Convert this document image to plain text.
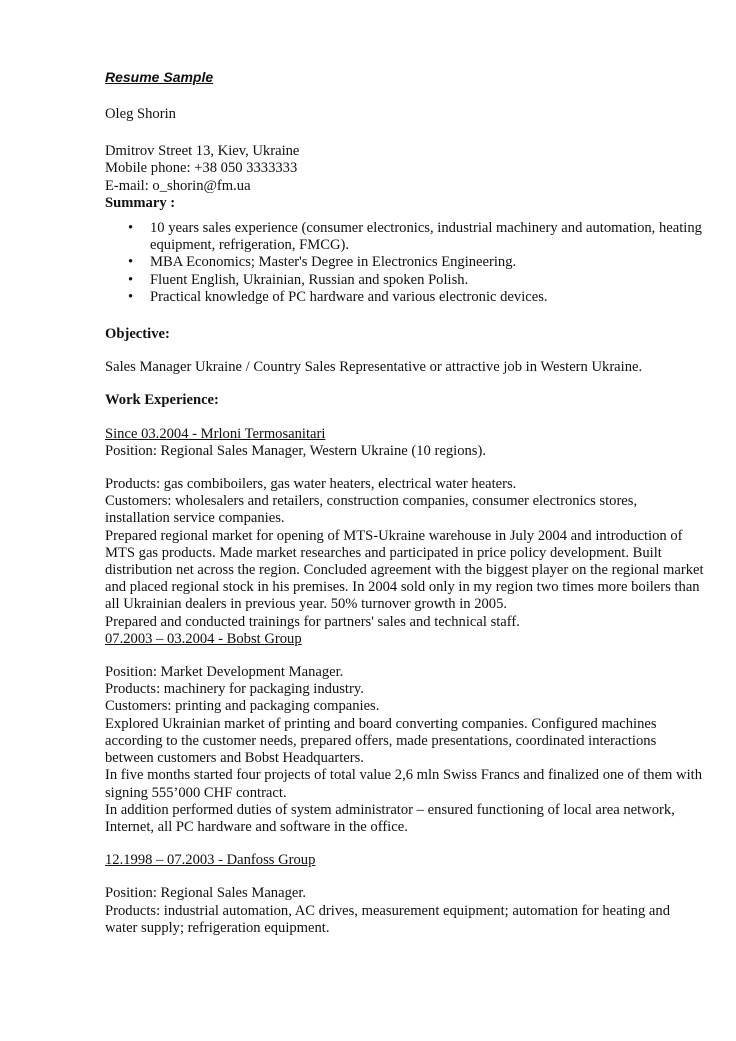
Resume Sample

Oleg Shorin
Dmitrov Street 13, Kiev, Ukraine
Mobile phone: +38 050 3333333
E-mail: o_shorin@fm.ua
Summary :
• 10 years sales experience (consumer electronics, industrial machinery and automation, heating equipment, refrigeration, FMCG).
• MBA Economics; Master's Degree in Electronics Engineering.
• Fluent English, Ukrainian, Russian and spoken Polish.
• Practical knowledge of PC hardware and various electronic devices.
Objective:
Sales Manager Ukraine / Country Sales Representative or attractive job in Western Ukraine.
Work Experience:
Since 03.2004 - Mrloni Termosanitari
Position: Regional Sales Manager, Western Ukraine (10 regions).
Products: gas combiboilers, gas water heaters, electrical water heaters.
Customers: wholesalers and retailers, construction companies, consumer electronics stores, installation service companies.
Prepared regional market for opening of MTS-Ukraine warehouse in July 2004 and introduction of MTS gas products. Made market researches and participated in price policy development. Built distribution net across the region. Concluded agreement with the biggest player on the regional market and placed regional stock in his premises. In 2004 sold only in my region two times more boilers than all Ukrainian dealers in previous year. 50% turnover growth in 2005.
Prepared and conducted trainings for partners' sales and technical staff.
07.2003 – 03.2004 - Bobst Group
Position: Market Development Manager.
Products: machinery for packaging industry.
Customers: printing and packaging companies.
Explored Ukrainian market of printing and board converting companies. Configured machines according to the customer needs, prepared offers, made presentations, coordinated interactions between customers and Bobst Headquarters.
In five months started four projects of total value 2,6 mln Swiss Francs and finalized one of them with signing 555’000 CHF contract.
In addition performed duties of system administrator – ensured functioning of local area network, Internet, all PC hardware and software in the office.
12.1998 – 07.2003 - Danfoss Group
Position: Regional Sales Manager.
Products: industrial automation, AC drives, measurement equipment; automation for heating and water supply; refrigeration equipment.
